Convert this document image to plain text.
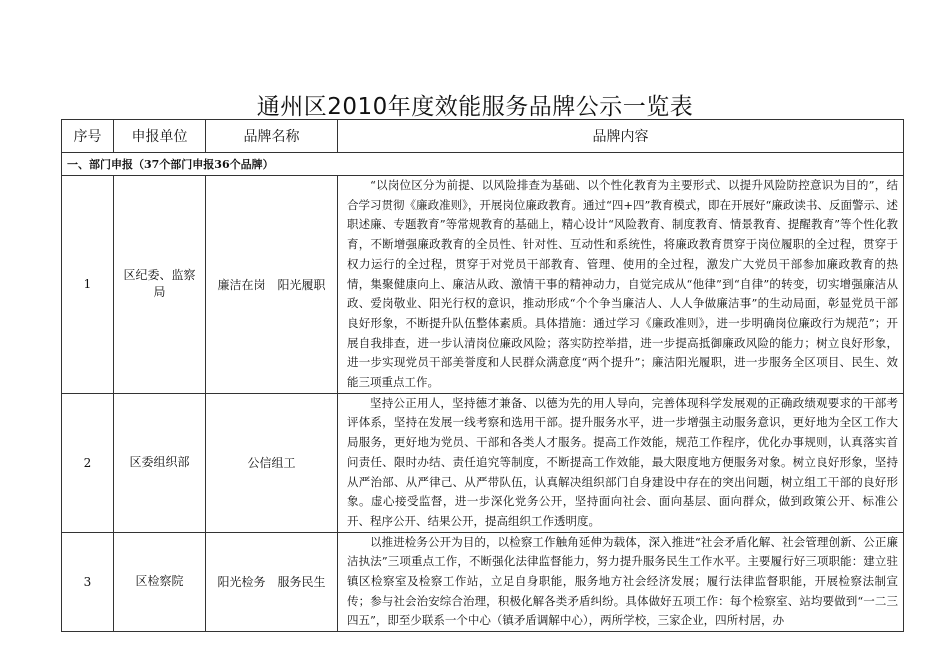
通州区2010年度效能服务品牌公示一览表
序号	申报单位	品牌名称	品牌内容
一、部门申报（37个部门申报36个品牌）			
1	区纪委、监察局	廉洁在岗　阳光履职	“以岗位区分为前提、以风险排查为基础、以个性化教育为主要形式、以提升风险防控意识为目的”，结合学习贯彻《廉政准则》，开展岗位廉政教育。通过“四+四”教育模式，即在开展好“廉政读书、反面警示、述职述廉、专题教育”等常规教育的基础上，精心设计“风险教育、制度教育、情景教育、提醒教育”等个性化教育，不断增强廉政教育的全员性、针对性、互动性和系统性，将廉政教育贯穿于岗位履职的全过程，贯穿于权力运行的全过程，贯穿于对党员干部教育、管理、使用的全过程，激发广大党员干部参加廉政教育的热情，集聚健康向上、廉洁从政、激情干事的精神动力，自觉完成从“他律”到“自律”的转变，切实增强廉洁从政、爱岗敬业、阳光行权的意识，推动形成“个个争当廉洁人、人人争做廉洁事”的生动局面，彰显党员干部良好形象，不断提升队伍整体素质。具体措施：通过学习《廉政准则》，进一步明确岗位廉政行为规范”；开展自我排查，进一步认清岗位廉政风险；落实防控举措，进一步提高抵御廉政风险的能力；树立良好形象，进一步实现党员干部美誉度和人民群众满意度“两个提升”；廉洁阳光履职，进一步服务全区项目、民生、效能三项重点工作。
2	区委组织部	公信组工	坚持公正用人，坚持德才兼备、以德为先的用人导向，完善体现科学发展观的正确政绩观要求的干部考评体系，坚持在发展一线考察和选用干部。提升服务水平，进一步增强主动服务意识，更好地为全区工作大局服务，更好地为党员、干部和各类人才服务。提高工作效能，规范工作程序，优化办事规则，认真落实首问责任、限时办结、责任追究等制度，不断提高工作效能，最大限度地方便服务对象。树立良好形象，坚持从严治部、从严律己、从严带队伍，认真解决组织部门自身建设中存在的突出问题，树立组工干部的良好形象。虚心接受监督，进一步深化党务公开，坚持面向社会、面向基层、面向群众，做到政策公开、标准公开、程序公开、结果公开，提高组织工作透明度。
3	区检察院	阳光检务　服务民生	以推进检务公开为目的，以检察工作触角延伸为载体，深入推进“社会矛盾化解、社会管理创新、公正廉洁执法”三项重点工作，不断强化法律监督能力，努力提升服务民生工作水平。主要履行好三项职能：建立驻镇区检察室及检察工作站，立足自身职能，服务地方社会经济发展；履行法律监督职能，开展检察法制宣传；参与社会治安综合治理，积极化解各类矛盾纠纷。具体做好五项工作：每个检察室、站均要做到“一二三四五”，即至少联系一个中心（镇矛盾调解中心），两所学校，三家企业，四所村居，办
